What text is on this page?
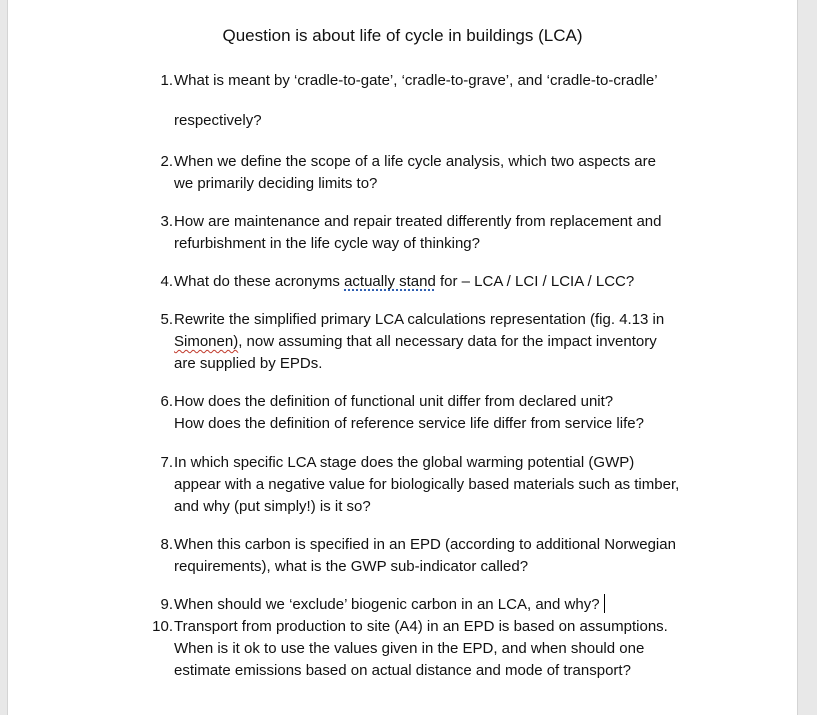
Question is about life of cycle in buildings (LCA)
1. What is meant by ‘cradle-to-gate’, ‘cradle-to-grave’, and ‘cradle-to-cradle’
respectively?
2. When we define the scope of a life cycle analysis, which two aspects are
we primarily deciding limits to?
3. How are maintenance and repair treated differently from replacement and
refurbishment in the life cycle way of thinking?
4. What do these acronyms actually stand for – LCA / LCI / LCIA / LCC?
5. Rewrite the simplified primary LCA calculations representation (fig. 4.13 in
Simonen), now assuming that all necessary data for the impact inventory
are supplied by EPDs.
6. How does the definition of functional unit differ from declared unit?
How does the definition of reference service life differ from service life?
7. In which specific LCA stage does the global warming potential (GWP)
appear with a negative value for biologically based materials such as timber,
and why (put simply!) is it so?
8. When this carbon is specified in an EPD (according to additional Norwegian
requirements), what is the GWP sub-indicator called?
9. When should we ‘exclude’ biogenic carbon in an LCA, and why?
10. Transport from production to site (A4) in an EPD is based on assumptions.
When is it ok to use the values given in the EPD, and when should one
estimate emissions based on actual distance and mode of transport?
